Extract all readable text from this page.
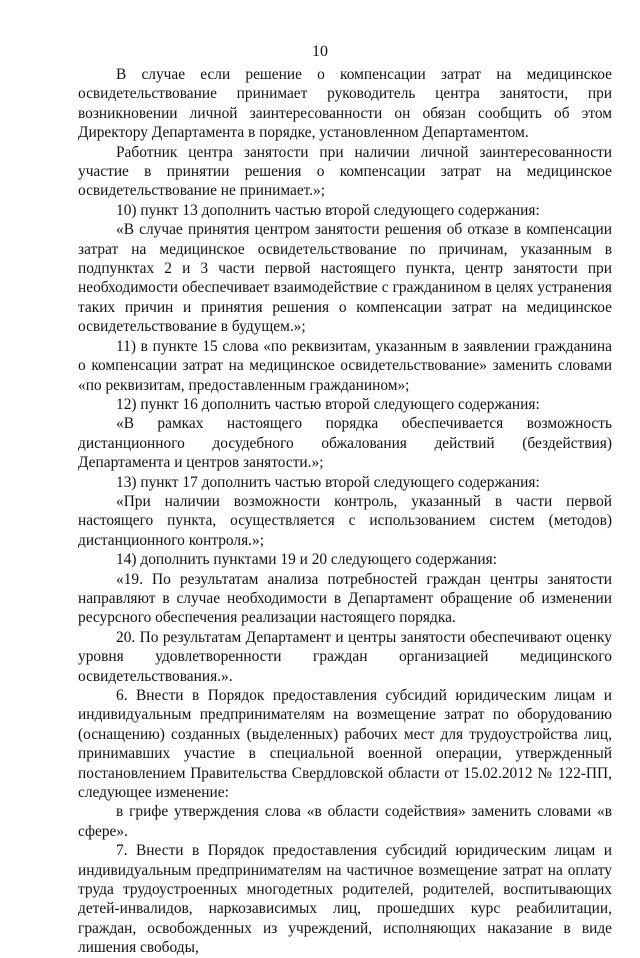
10

В случае если решение о компенсации затрат на медицинское освидетельствование принимает руководитель центра занятости, при возникновении личной заинтересованности он обязан сообщить об этом Директору Департамента в порядке, установленном Департаментом.

Работник центра занятости при наличии личной заинтересованности участие в принятии решения о компенсации затрат на медицинское освидетельствование не принимает.»;

10) пункт 13 дополнить частью второй следующего содержания:

«В случае принятия центром занятости решения об отказе в компенсации затрат на медицинское освидетельствование по причинам, указанным в подпунктах 2 и 3 части первой настоящего пункта, центр занятости при необходимости обеспечивает взаимодействие с гражданином в целях устранения таких причин и принятия решения о компенсации затрат на медицинское освидетельствование в будущем.»;

11) в пункте 15 слова «по реквизитам, указанным в заявлении гражданина о компенсации затрат на медицинское освидетельствование» заменить словами «по реквизитам, предоставленным гражданином»;

12) пункт 16 дополнить частью второй следующего содержания:

«В рамках настоящего порядка обеспечивается возможность дистанционного досудебного обжалования действий (бездействия) Департамента и центров занятости.»;

13) пункт 17 дополнить частью второй следующего содержания:

«При наличии возможности контроль, указанный в части первой настоящего пункта, осуществляется с использованием систем (методов) дистанционного контроля.»;

14) дополнить пунктами 19 и 20 следующего содержания:

«19. По результатам анализа потребностей граждан центры занятости направляют в случае необходимости в Департамент обращение об изменении ресурсного обеспечения реализации настоящего порядка.

20. По результатам Департамент и центры занятости обеспечивают оценку уровня удовлетворенности граждан организацией медицинского освидетельствования.».

6. Внести в Порядок предоставления субсидий юридическим лицам и индивидуальным предпринимателям на возмещение затрат по оборудованию (оснащению) созданных (выделенных) рабочих мест для трудоустройства лиц, принимавших участие в специальной военной операции, утвержденный постановлением Правительства Свердловской области от 15.02.2012 № 122-ПП, следующее изменение:

в грифе утверждения слова «в области содействия» заменить словами «в сфере».

7. Внести в Порядок предоставления субсидий юридическим лицам и индивидуальным предпринимателям на частичное возмещение затрат на оплату труда трудоустроенных многодетных родителей, родителей, воспитывающих детей-инвалидов, наркозависимых лиц, прошедших курс реабилитации, граждан, освобожденных из учреждений, исполняющих наказание в виде лишения свободы,
